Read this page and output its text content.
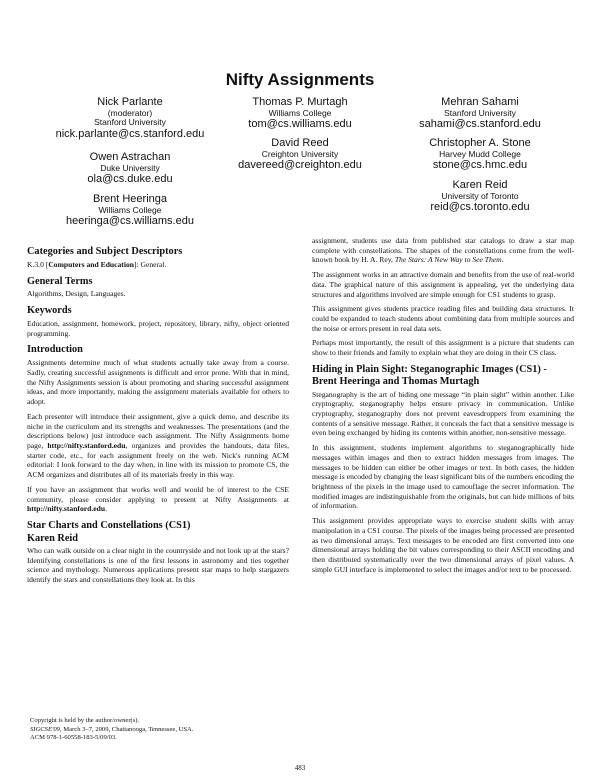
Nifty Assignments
Nick Parlante
(moderator)
Stanford University
nick.parlante@cs.stanford.edu
Owen Astrachan
Duke University
ola@cs.duke.edu
Brent Heeringa
Williams College
heeringa@cs.williams.edu
Thomas P. Murtagh
Williams College
tom@cs.williams.edu
David Reed
Creighton University
davereed@creighton.edu
Mehran Sahami
Stanford University
sahami@cs.stanford.edu
Christopher A. Stone
Harvey Mudd College
stone@cs.hmc.edu
Karen Reid
University of Toronto
reid@cs.toronto.edu
Categories and Subject Descriptors

K.3.0 [Computers and Education]: General.

General Terms

Algorithms, Design, Languages.

Keywords

Education, assignment, homework, project, repository, library, nifty, object oriented programming.

Introduction

Assignments determine much of what students actually take away from a course. Sadly, creating successful assignments is difficult and error prone. With that in mind, the Nifty Assignments session is about promoting and sharing successful assignment ideas, and more importantly, making the assignment materials available for others to adopt.

Each presenter will introduce their assignment, give a quick demo, and describe its niche in the curriculum and its strengths and weaknesses. The presentations (and the descriptions below) just introduce each assignment. The Nifty Assignments home page, http://nifty.stanford.edu, organizes and provides the handouts, data files, starter code, etc., for each assignment freely on the web. Nick's running ACM editorial: I look forward to the day when, in line with its mission to promote CS, the ACM organizes and distributes all of its materials freely in this way.

If you have an assignment that works well and would be of interest to the CSE community, please consider applying to present at Nifty Assignments at http://nifty.stanford.edu.

Star Charts and Constellations (CS1)
Karen Reid

Who can walk outside on a clear night in the countryside and not look up at the stars? Identifying constellations is one of the first lessons in astronomy and ties together science and mythology. Numerous applications present star maps to help stargazers identify the stars and constellations they look at. In this

Copyright is held by the author/owner(s).
SIGCSE'09, March 3–7, 2009, Chattanooga, Tennessee, USA.
ACM 978-1-60558-183-5/09/03.

assignment, students use data from published star catalogs to draw a star map complete with constellations. The shapes of the constellations come from the well-known book by H. A. Rey, The Stars: A New Way to See Them.

The assignment works in an attractive domain and benefits from the use of real-world data. The graphical nature of this assignment is appealing, yet the underlying data structures and algorithms involved are simple enough for CS1 students to grasp.

This assignment gives students practice reading files and building data structures. It could be expanded to teach students about combining data from multiple sources and the noise or errors present in real data sets.

Perhaps most importantly, the result of this assignment is a picture that students can show to their friends and family to explain what they are doing in their CS class.

Hiding in Plain Sight: Steganographic Images (CS1) - Brent Heeringa and Thomas Murtagh

Steganography is the art of hiding one message “in plain sight” within another. Like cryptography, steganography helps ensure privacy in communication. Unlike cryptography, steganography does not prevent eavesdroppers from examining the contents of a sensitive message. Rather, it conceals the fact that a sensitive message is even being exchanged by hiding its contents within another, non-sensitive message.

In this assignment, students implement algorithms to steganographically hide messages within images and then to extract hidden messages from images. The messages to be hidden can either be other images or text. In both cases, the hidden message is encoded by changing the least significant bits of the numbers encoding the brightness of the pixels in the image used to camouflage the secret information. The modified images are indistinguishable from the originals, but can hide millions of bits of information.

This assignment provides appropriate ways to exercise student skills with array manipulation in a CS1 course. The pixels of the images being processed are presented as two dimensional arrays. Text messages to be encoded are first converted into one dimensional arrays holding the bit values corresponding to their ASCII encoding and then distributed systematically over the two dimensional arrays of pixel values. A simple GUI interface is implemented to select the images and/or text to be processed.

483
